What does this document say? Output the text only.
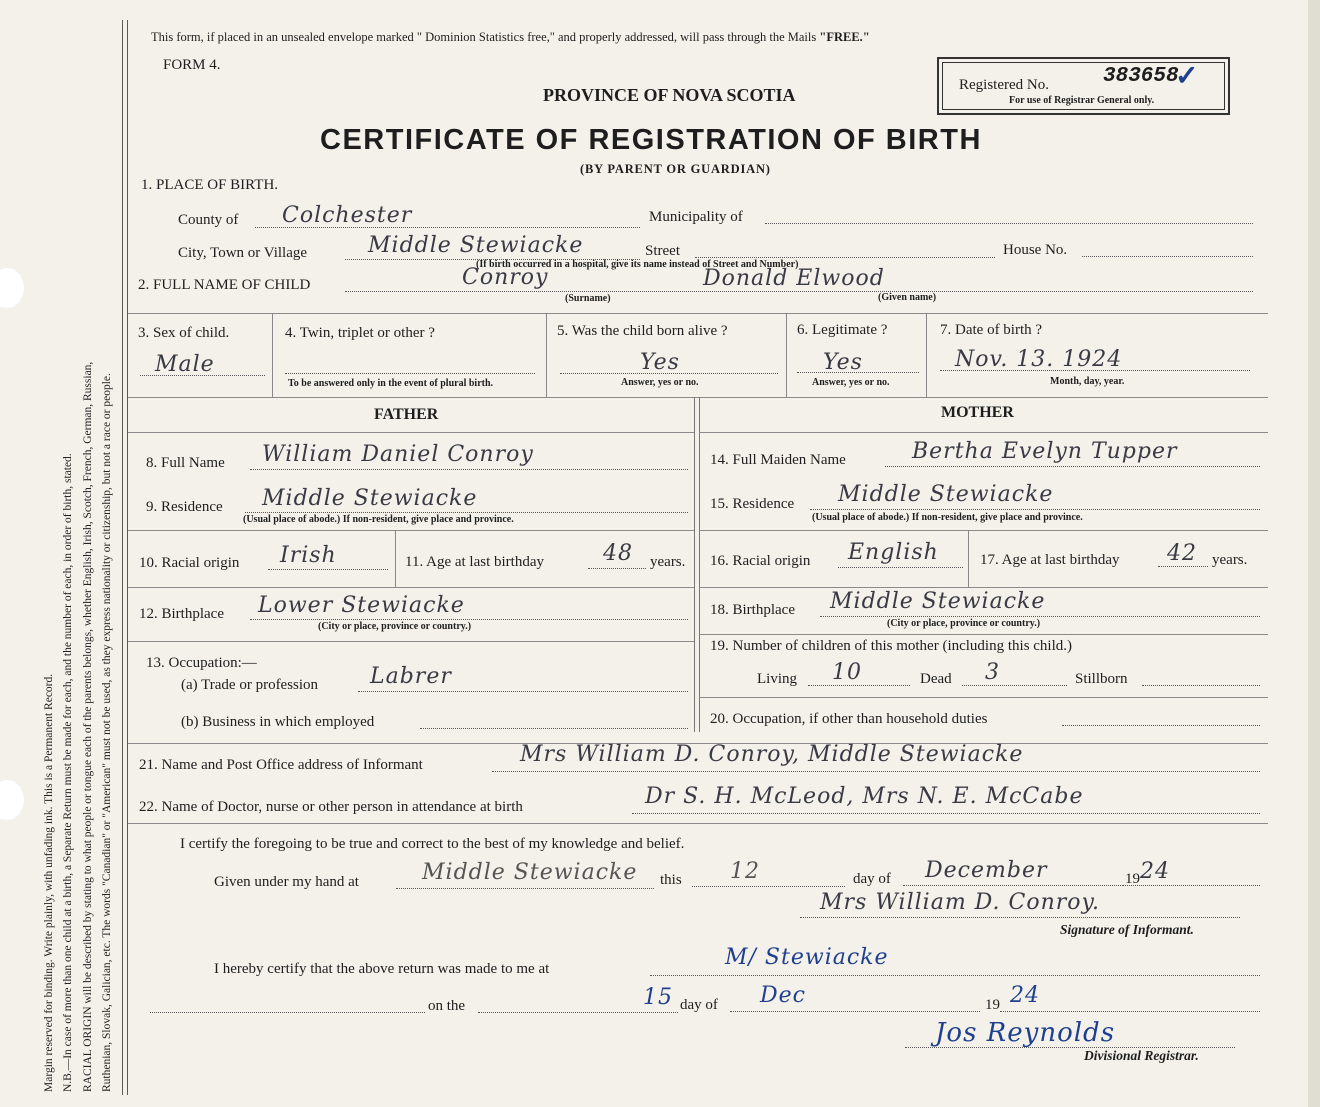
Margin reserved for binding. Write plainly, with unfading ink. This is a Permanent Record. N.B.—In case of more than one child at a birth, a Separate Return must be made for each, and the number of each, in order of birth, stated. RACIAL ORIGIN will be described by stating to what people or tongue each of the parents belongs, whether English, Irish, Scotch, French, German, Russian, Ruthenian, Slovak, Galician, etc. The words "Canadian" or "American" must not be used, as they express nationality or citizenship, but not a race or people.
This form, if placed in an unsealed envelope marked " Dominion Statistics free," and properly addressed, will pass through the Mails "FREE."
FORM 4.
PROVINCE OF NOVA SCOTIA
CERTIFICATE OF REGISTRATION OF BIRTH
(BY PARENT OR GUARDIAN)
Registered No.	383658
✓
For use of Registrar General only.
1. PLACE OF BIRTH.
County of Colchester	Municipality of
City, Town or Village	Middle Stewiacke	Street	House No.
(If birth occurred in a hospital, give its name instead of Street and Number)
2. FULL NAME OF CHILD	Conroy
(Surname)
Donald Elwood
(Given name)
3. Sex of child.
Male
4. Twin, triplet or other ?
To be answered only in the event of plural birth.
5. Was the child born alive ?
Yes
Answer, yes or no.
6. Legitimate ?
Yes
Answer, yes or no.
7. Date of birth ?
Nov. 13. 1924
Month, day, year.
FATHER	MOTHER
8. Full Name William Daniel Conroy
9. Residence Middle Stewiacke
(Usual place of abode.) If non-resident, give place and province.
10. Racial origin Irish	11. Age at last birthday	48 years.
12. Birthplace Lower Stewiacke
(City or place, province or country.)
13. Occupation:—
(a) Trade or profession Labrer
(b) Business in which employed
14. Full Maiden Name	Bertha Evelyn Tupper
15. Residence Middle Stewiacke
(Usual place of abode.) If non-resident, give place and province.
16. Racial origin English	17. Age at last birthday 42 years.
18. Birthplace Middle Stewiacke
(City or place, province or country.)
19. Number of children of this mother (including this child.)
Living 10	Dead 3	Stillborn
20. Occupation, if other than household duties
21. Name and Post Office address of Informant	Mrs William D. Conroy, Middle Stewiacke
22. Name of Doctor, nurse or other person in attendance at birth	Dr S. H. McLeod, Mrs N. E. McCabe
I certify the foregoing to be true and correct to the best of my knowledge and belief.
Given under my hand at	Middle Stewiacke this 12	day of December	19 24
Mrs William D. Conroy.
Signature of Informant.
I hereby certify that the above return was made to me at	M/ Stewiacke
on the	15 day of Dec	19 24
Jos Reynolds
Divisional Registrar.
